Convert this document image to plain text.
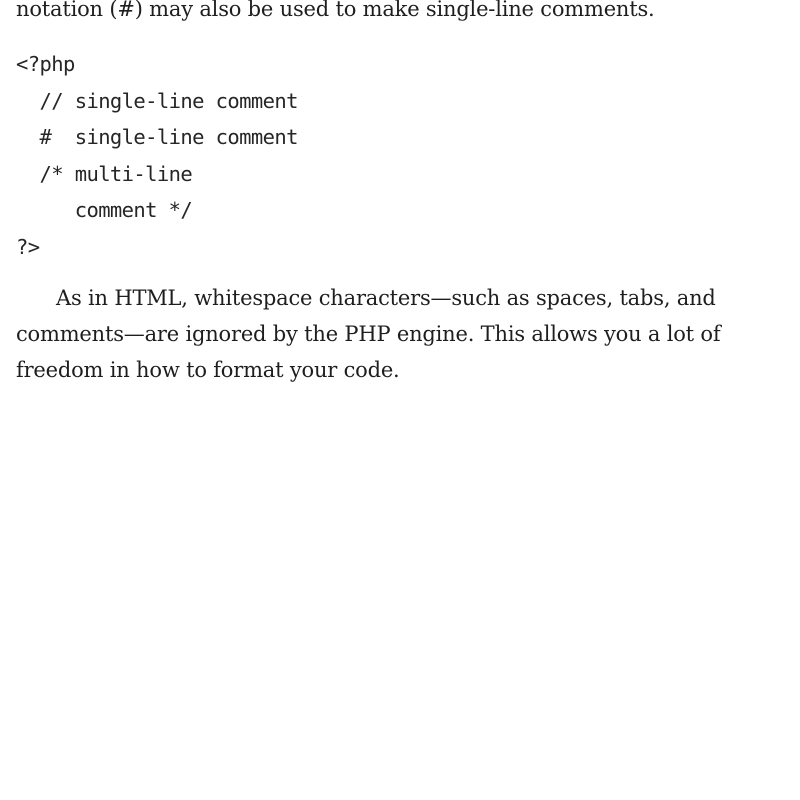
notation (#) may also be used to make single-line comments.

<?php
// single-line comment
#  single-line comment
/* multi-line
comment */
?>

As in HTML, whitespace characters—such as spaces, tabs, and comments—are ignored by the PHP engine. This allows you a lot of freedom in how to format your code.
